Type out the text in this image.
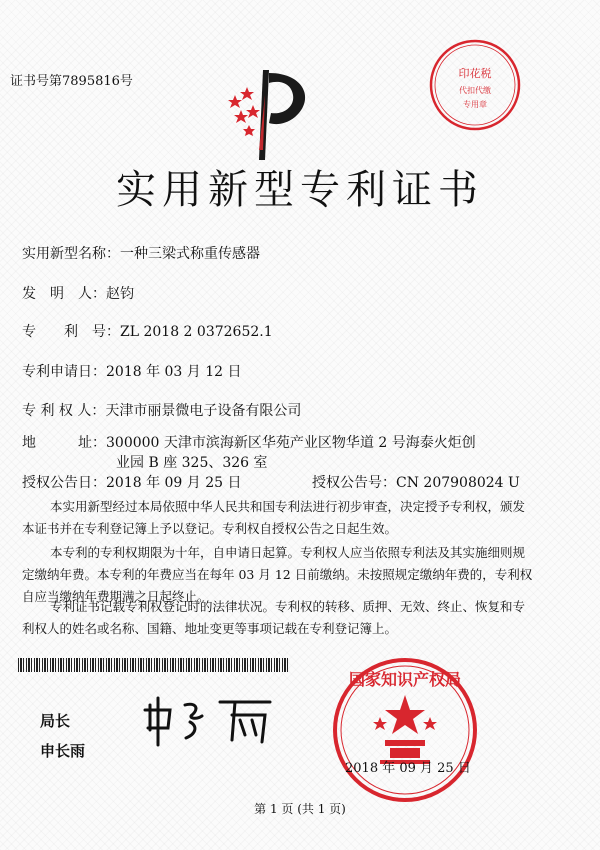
证书号第7895816号
印花税
代扣代缴
专用章
实用新型专利证书
实用新型名称：一种三梁式称重传感器
发　明　人：赵钧
专　　利　号：ZL 2018 2 0372652.1
专利申请日：2018 年 03 月 12 日
专 利 权 人：天津市丽景微电子设备有限公司
地　　　址：300000 天津市滨海新区华苑产业区物华道 2 号海泰火炬创
业园 B 座 325、326 室
授权公告日：2018 年 09 月 25 日	授权公告号：CN 207908024 U
本实用新型经过本局依照中华人民共和国专利法进行初步审查，决定授予专利权，颁发
本证书并在专利登记簿上予以登记。专利权自授权公告之日起生效。
本专利的专利权期限为十年，自申请日起算。专利权人应当依照专利法及其实施细则规
定缴纳年费。本专利的年费应当在每年 03 月 12 日前缴纳。未按照规定缴纳年费的，专利权
自应当缴纳年费期满之日起终止。
专利证书记载专利权登记时的法律状况。专利权的转移、质押、无效、终止、恢复和专
利权人的姓名或名称、国籍、地址变更等事项记载在专利登记簿上。
局长
申长雨
国家知识产权局
2018 年 09 月 25 日
第 1 页 (共 1 页)
